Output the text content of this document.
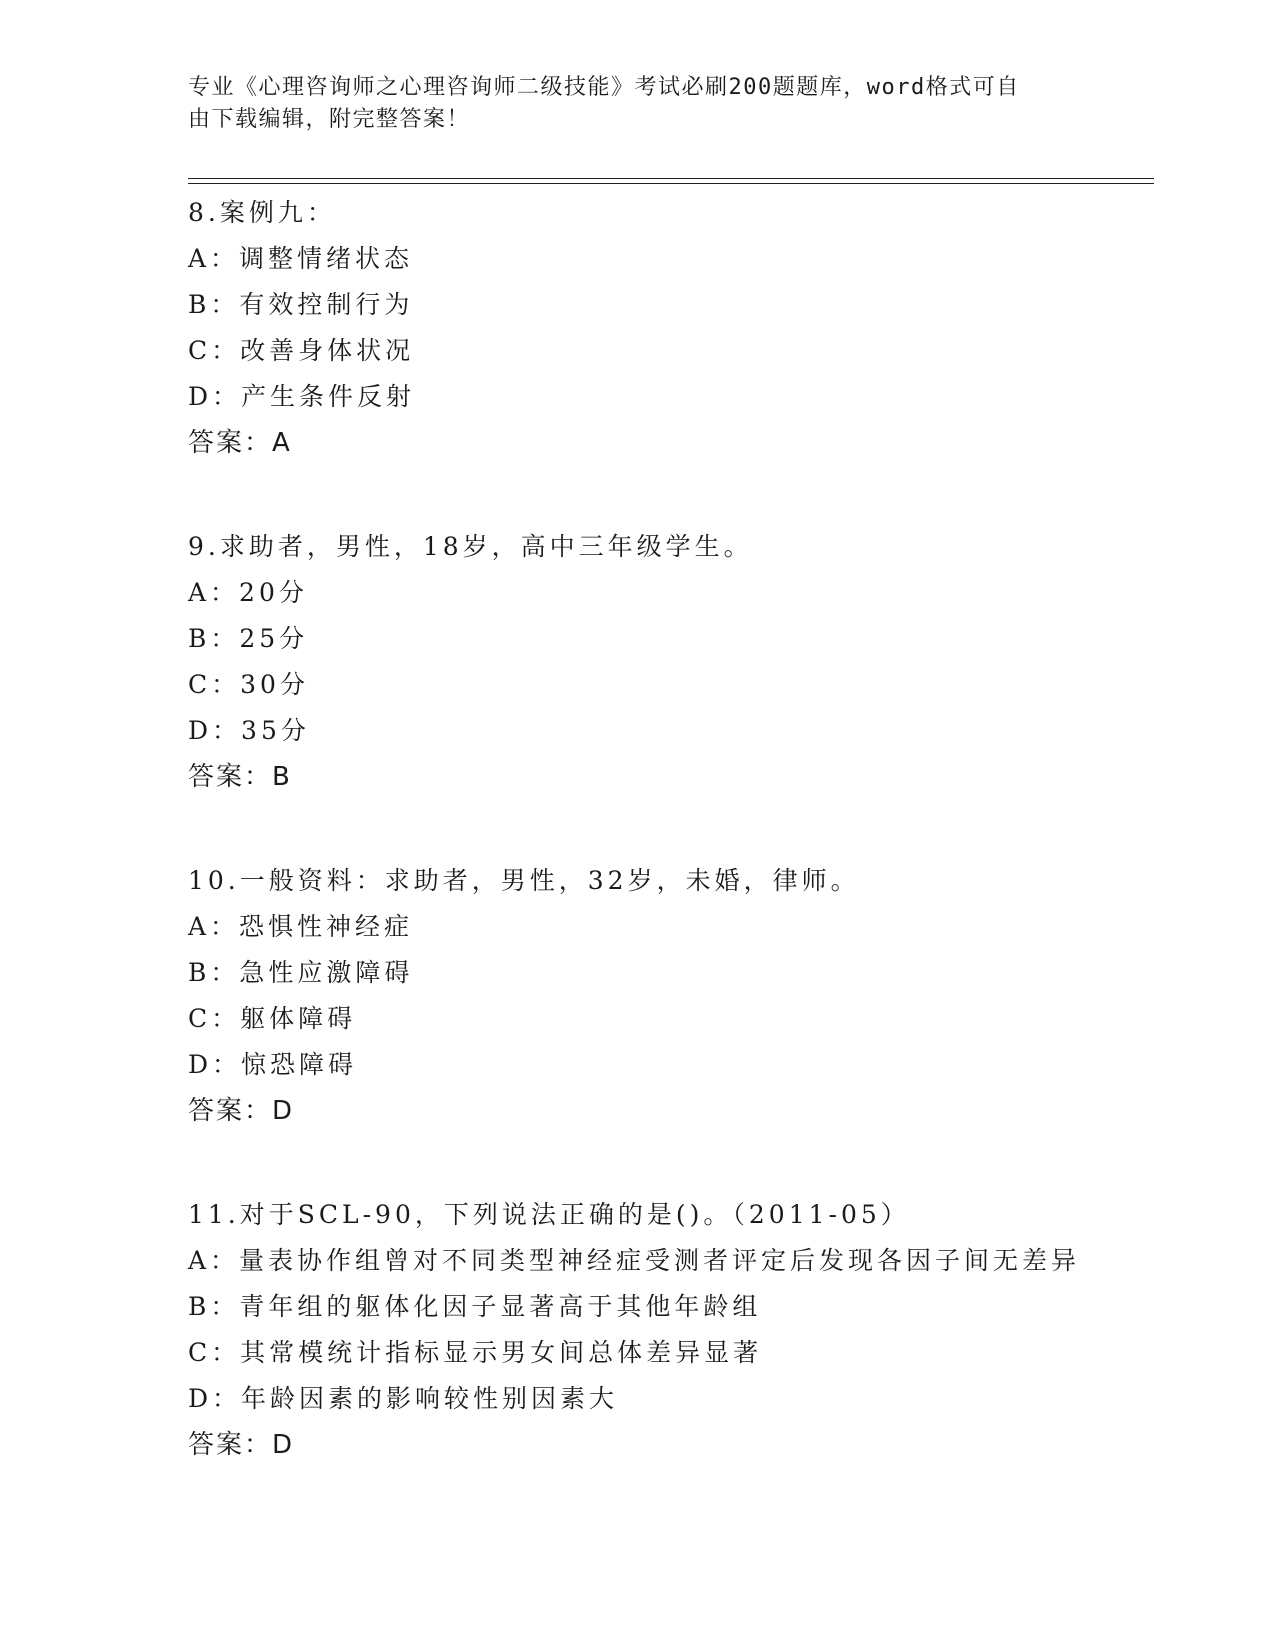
专业《心理咨询师之心理咨询师二级技能》考试必刷200题题库，word格式可自
由下载编辑，附完整答案！
8.案例九：
A：调整情绪状态
B：有效控制行为
C：改善身体状况
D：产生条件反射
答案：A
9.求助者，男性，18岁，高中三年级学生。
A：20分
B：25分
C：30分
D：35分
答案：B
10.一般资料：求助者，男性，32岁，未婚，律师。
A：恐惧性神经症
B：急性应激障碍
C：躯体障碍
D：惊恐障碍
答案：D
11.对于SCL-90，下列说法正确的是()。（2011-05）
A：量表协作组曾对不同类型神经症受测者评定后发现各因子间无差异
B：青年组的躯体化因子显著高于其他年龄组
C：其常模统计指标显示男女间总体差异显著
D：年龄因素的影响较性别因素大
答案：D
